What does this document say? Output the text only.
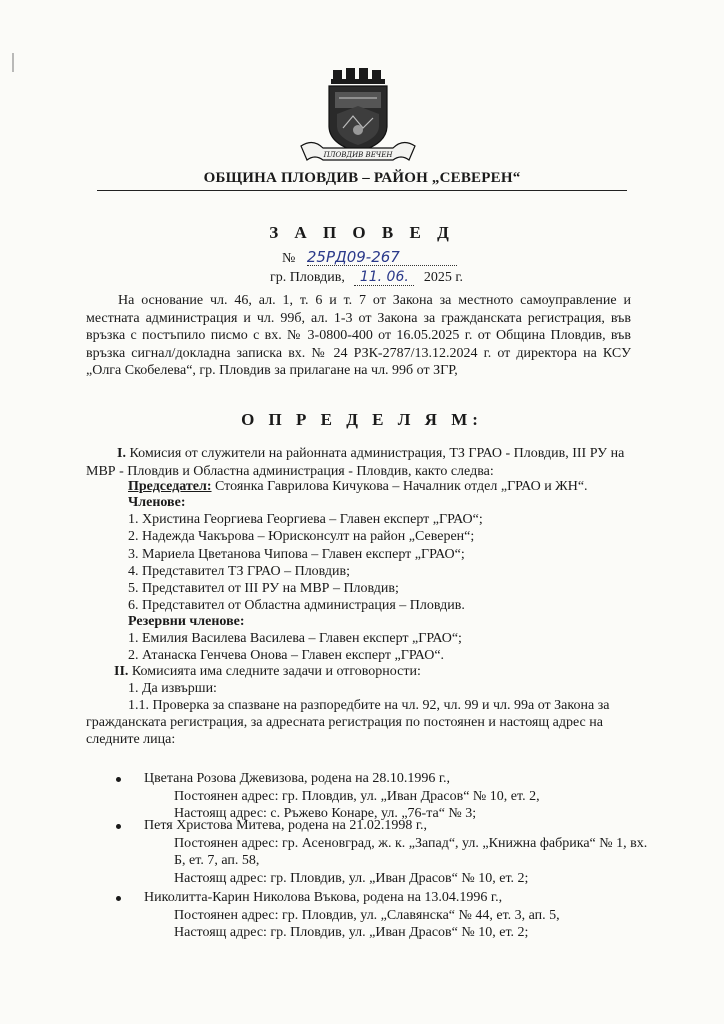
ПЛОВДИВ ВЕЧЕН
ОБЩИНА ПЛОВДИВ – РАЙОН „СЕВЕРЕН“
З А П О В Е Д
№ 25РД09-267
гр. Пловдив, 11. 06. 2025 г.
На основание чл. 46, ал. 1, т. 6 и т. 7 от Закона за местното самоуправление и местната администрация и чл. 99б, ал. 1-3 от Закона за гражданската регистрация, във връзка с постъпило писмо с вх. № 3-0800-400 от 16.05.2025 г. от Община Пловдив, във връзка сигнал/докладна записка вх. № 24 РЗК-2787/13.12.2024 г. от директора на КСУ „Олга Скобелева“, гр. Пловдив за прилагане на чл. 99б от ЗГР,
О П Р Е Д Е Л Я М:
I. Комисия от служители на районната администрация, ТЗ ГРАО - Пловдив, III РУ на
МВР - Пловдив и Областна администрация - Пловдив, както следва:
Председател: Стоянка Гаврилова Кичукова – Началник отдел „ГРАО и ЖН“.
Членове:
1. Христина Георгиева Георгиева – Главен експерт „ГРАО“;
2. Надежда Чакърова – Юрисконсулт на район „Северен“;
3. Мариела Цветанова Чипова – Главен експерт „ГРАО“;
4. Представител ТЗ ГРАО – Пловдив;
5. Представител от III РУ на МВР – Пловдив;
6. Представител от Областна администрация – Пловдив.
Резервни членове:
1. Емилия Василева Василева – Главен експерт „ГРАО“;
2. Атанаска Генчева Онова – Главен експерт „ГРАО“.
II. Комисията има следните задачи и отговорности:
1. Да извърши:
1.1. Проверка за спазване на разпоредбите на чл. 92, чл. 99 и чл. 99а от Закона за
гражданската регистрация, за адресната регистрация по постоянен и настоящ адрес на
следните лица:
Цветана Розова Джевизова, родена на 28.10.1996 г.,
Постоянен адрес: гр. Пловдив, ул. „Иван Драсов“ № 10, ет. 2,
Настоящ адрес: с. Ръжево Конаре, ул. „76-та“ № 3;
Петя Христова Митева, родена на 21.02.1998 г.,
Постоянен адрес: гр. Асеновград, ж. к. „Запад“, ул. „Книжна фабрика“ № 1, вх.
Б, ет. 7, ап. 58,
Настоящ адрес: гр. Пловдив, ул. „Иван Драсов“ № 10, ет. 2;
Николитта-Карин Николова Въкова, родена на 13.04.1996 г.,
Постоянен адрес: гр. Пловдив, ул. „Славянска“ № 44, ет. 3, ап. 5,
Настоящ адрес: гр. Пловдив, ул. „Иван Драсов“ № 10, ет. 2;
